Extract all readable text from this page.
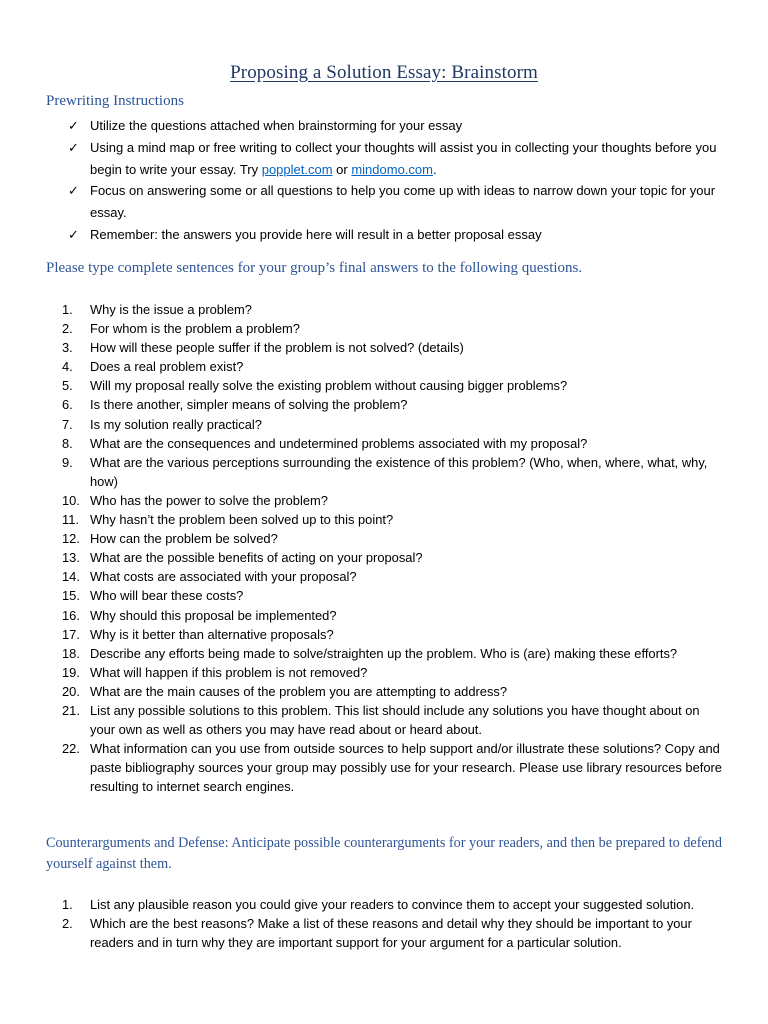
Proposing a Solution Essay: Brainstorm
Prewriting Instructions
✓ Utilize the questions attached when brainstorming for your essay
✓ Using a mind map or free writing to collect your thoughts will assist you in collecting your thoughts before you begin to write your essay. Try popplet.com or mindomo.com.
✓ Focus on answering some or all questions to help you come up with ideas to narrow down your topic for your essay.
✓ Remember: the answers you provide here will result in a better proposal essay
Please type complete sentences for your group’s final answers to the following questions.
1.	Why is the issue a problem?
2.	For whom is the problem a problem?
3.	How will these people suffer if the problem is not solved? (details)
4.	Does a real problem exist?
5.	Will my proposal really solve the existing problem without causing bigger problems?
6.	Is there another, simpler means of solving the problem?
7.	Is my solution really practical?
8.	What are the consequences and undetermined problems associated with my proposal?
9.	What are the various perceptions surrounding the existence of this problem? (Who, when, where, what, why, how)
10. Who has the power to solve the problem?
11. Why hasn’t the problem been solved up to this point?
12. How can the problem be solved?
13. What are the possible benefits of acting on your proposal?
14. What costs are associated with your proposal?
15. Who will bear these costs?
16. Why should this proposal be implemented?
17. Why is it better than alternative proposals?
18. Describe any efforts being made to solve/straighten up the problem. Who is (are) making these efforts?
19. What will happen if this problem is not removed?
20. What are the main causes of the problem you are attempting to address?
21. List any possible solutions to this problem. This list should include any solutions you have thought about on your own as well as others you may have read about or heard about.
22. What information can you use from outside sources to help support and/or illustrate these solutions? Copy and paste bibliography sources your group may possibly use for your research. Please use library resources before resulting to internet search engines.
Counterarguments and Defense: Anticipate possible counterarguments for your readers, and then be prepared to defend yourself against them.
1.	List any plausible reason you could give your readers to convince them to accept your suggested solution.
2.	Which are the best reasons? Make a list of these reasons and detail why they should be important to your readers and in turn why they are important support for your argument for a particular solution.
